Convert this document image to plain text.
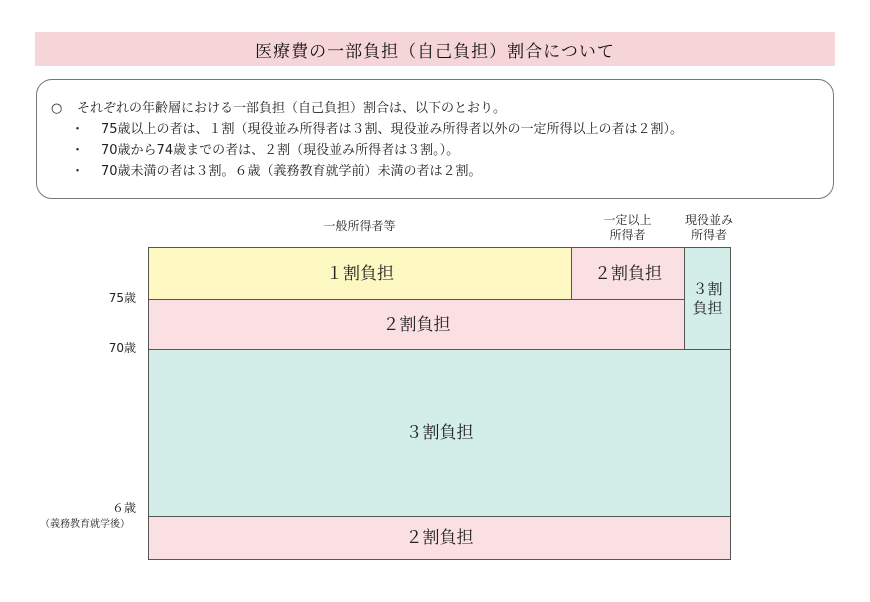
医療費の一部負担（自己負担）割合について
○ それぞれの年齢層における一部負担（自己負担）割合は、以下のとおり。
・ 75歳以上の者は、１割（現役並み所得者は３割、現役並み所得者以外の一定所得以上の者は２割）。
・ 70歳から74歳までの者は、２割（現役並み所得者は３割。）。
・ 70歳未満の者は３割。６歳（義務教育就学前）未満の者は２割。
一般所得者等	一定以上
所得者
現役並み
所得者
１割負担	２割負担
２割負担
３割
負担
３割負担
２割負担
75歳
70歳
６歳
（義務教育就学後）
